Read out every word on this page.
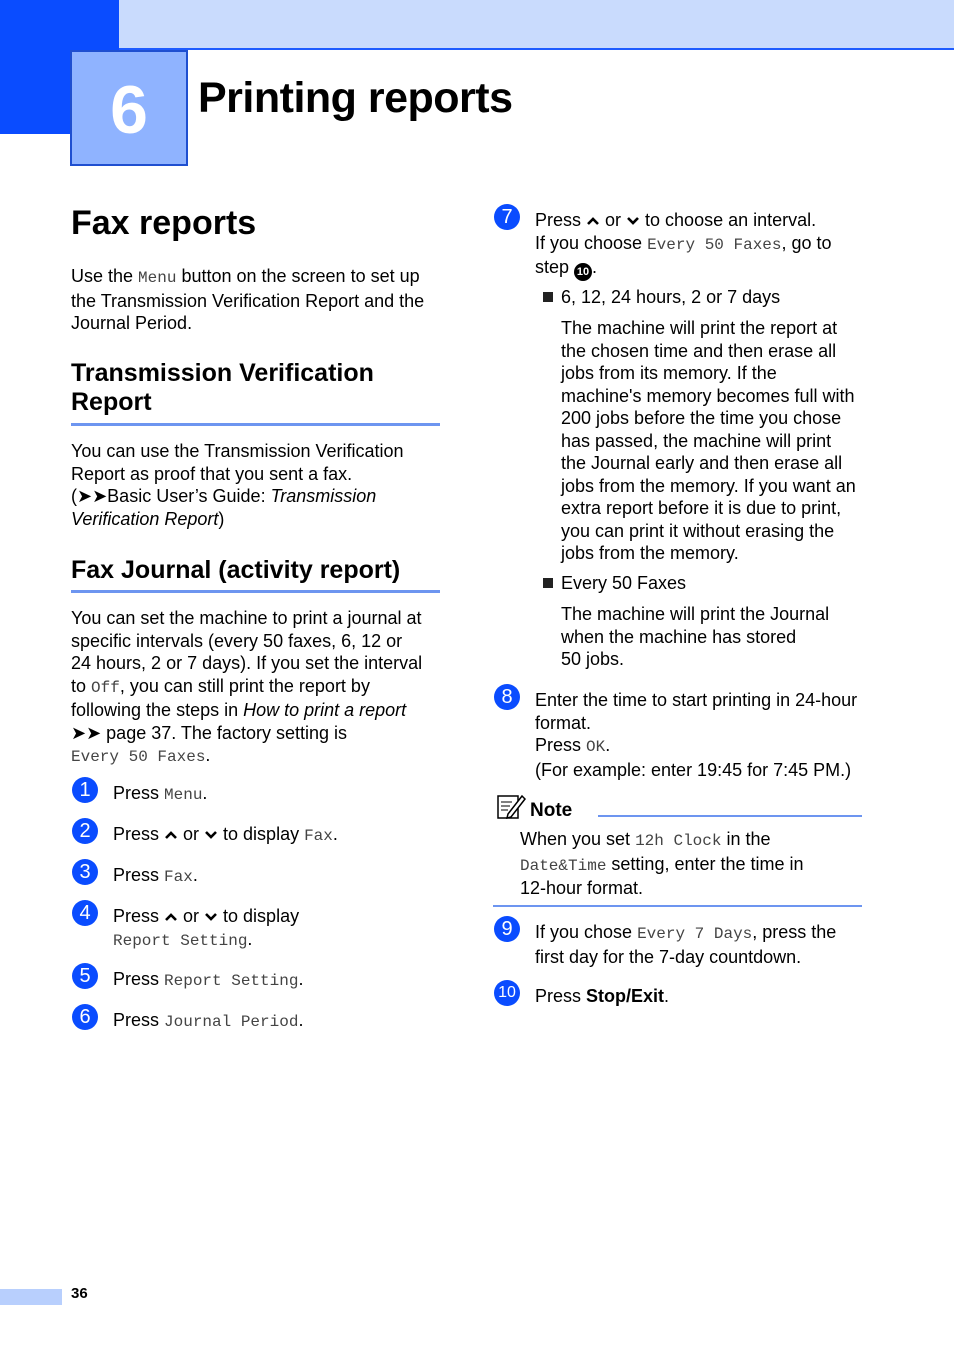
6	Printing reports
Fax reports
Use the Menu button on the screen to set up the Transmission Verification Report and the Journal Period.
Transmission Verification
Report
You can use the Transmission Verification
Report as proof that you sent a fax.
(➤➤Basic User’s Guide: Transmission
Verification Report)
Fax Journal (activity report)
You can set the machine to print a journal at
specific intervals (every 50 faxes, 6, 12 or
24 hours, 2 or 7 days). If you set the interval
to Off, you can still print the report by
following the steps in How to print a report
➤➤ page 37. The factory setting is
Every 50 Faxes.
1	Press Menu.
2	Press  or  to display Fax.
3	Press Fax.
4	Press  or  to display
Report Setting.
5	Press Report Setting.
6	Press Journal Period.
7	Press  or  to choose an interval.
If you choose Every 50 Faxes, go to
step 10 .
6, 12, 24 hours, 2 or 7 days
The machine will print the report at
the chosen time and then erase all
jobs from its memory. If the
machine's memory becomes full with
200 jobs before the time you chose
has passed, the machine will print
the Journal early and then erase all
jobs from the memory. If you want an
extra report before it is due to print,
you can print it without erasing the
jobs from the memory.
Every 50 Faxes
The machine will print the Journal
when the machine has stored
50 jobs.
8	Enter the time to start printing in 24-hour
format.
Press OK.
(For example: enter 19:45 for 7:45 PM.)
Note
When you set 12h Clock in the
Date&Time setting, enter the time in
12-hour format.
9	If you chose Every 7 Days, press the
first day for the 7-day countdown.
10 Press Stop/Exit.
36
